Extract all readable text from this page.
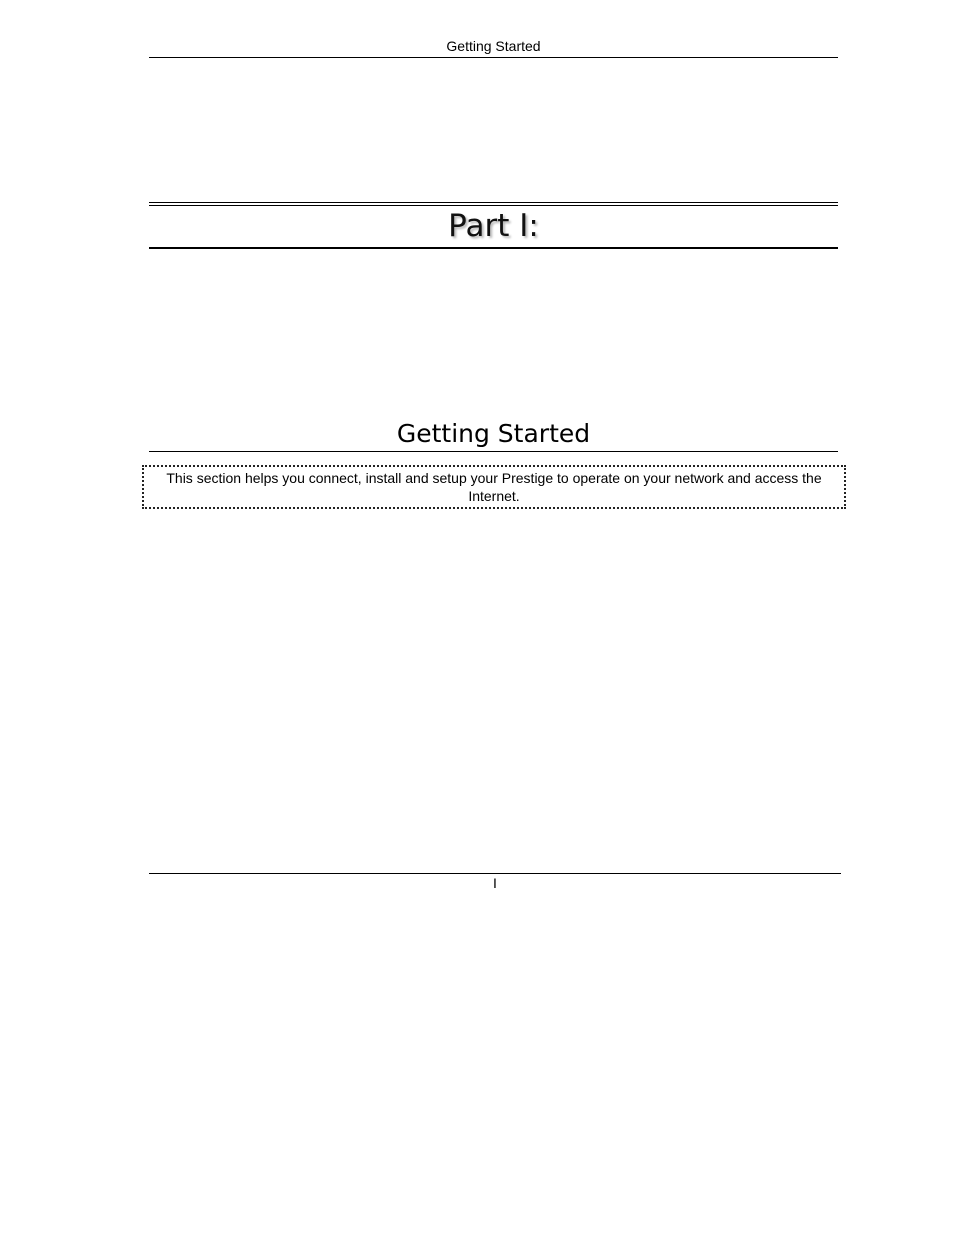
Getting Started
Part I:
Getting Started
This section helps you connect, install and setup your Prestige to operate on your network and access the Internet.
I
